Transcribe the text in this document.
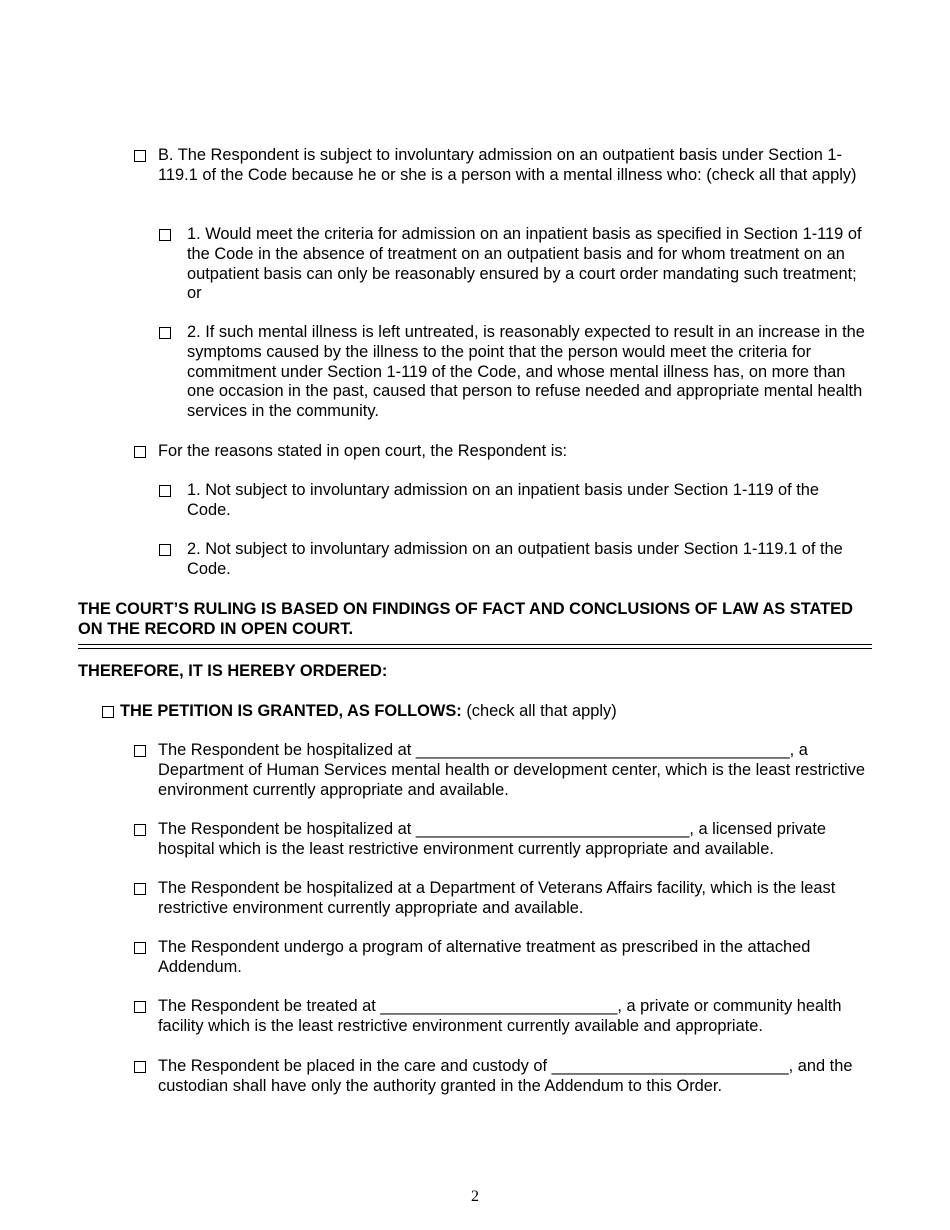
B. The Respondent is subject to involuntary admission on an outpatient basis under Section 1-119.1 of the Code because he or she is a person with a mental illness who: (check all that apply)
1. Would meet the criteria for admission on an inpatient basis as specified in Section 1-119 of the Code in the absence of treatment on an outpatient basis and for whom treatment on an outpatient basis can only be reasonably ensured by a court order mandating such treatment; or
2. If such mental illness is left untreated, is reasonably expected to result in an increase in the symptoms caused by the illness to the point that the person would meet the criteria for commitment under Section 1-119 of the Code, and whose mental illness has, on more than one occasion in the past, caused that person to refuse needed and appropriate mental health services in the community.
For the reasons stated in open court, the Respondent is:
1. Not subject to involuntary admission on an inpatient basis under Section 1-119 of the Code.
2. Not subject to involuntary admission on an outpatient basis under Section 1-119.1 of the Code.
THE COURT’S RULING IS BASED ON FINDINGS OF FACT AND CONCLUSIONS OF LAW AS STATED ON THE RECORD IN OPEN COURT.
THEREFORE, IT IS HEREBY ORDERED:
THE PETITION IS GRANTED, AS FOLLOWS: (check all that apply)
The Respondent be hospitalized at _________________________________________, a Department of Human Services mental health or development center, which is the least restrictive environment currently appropriate and available.
The Respondent be hospitalized at ______________________________, a licensed private hospital which is the least restrictive environment currently appropriate and available.
The Respondent be hospitalized at a Department of Veterans Affairs facility, which is the least restrictive environment currently appropriate and available.
The Respondent undergo a program of alternative treatment as prescribed in the attached Addendum.
The Respondent be treated at __________________________, a private or community health facility which is the least restrictive environment currently available and appropriate.
The Respondent be placed in the care and custody of __________________________, and the custodian shall have only the authority granted in the Addendum to this Order.
2
